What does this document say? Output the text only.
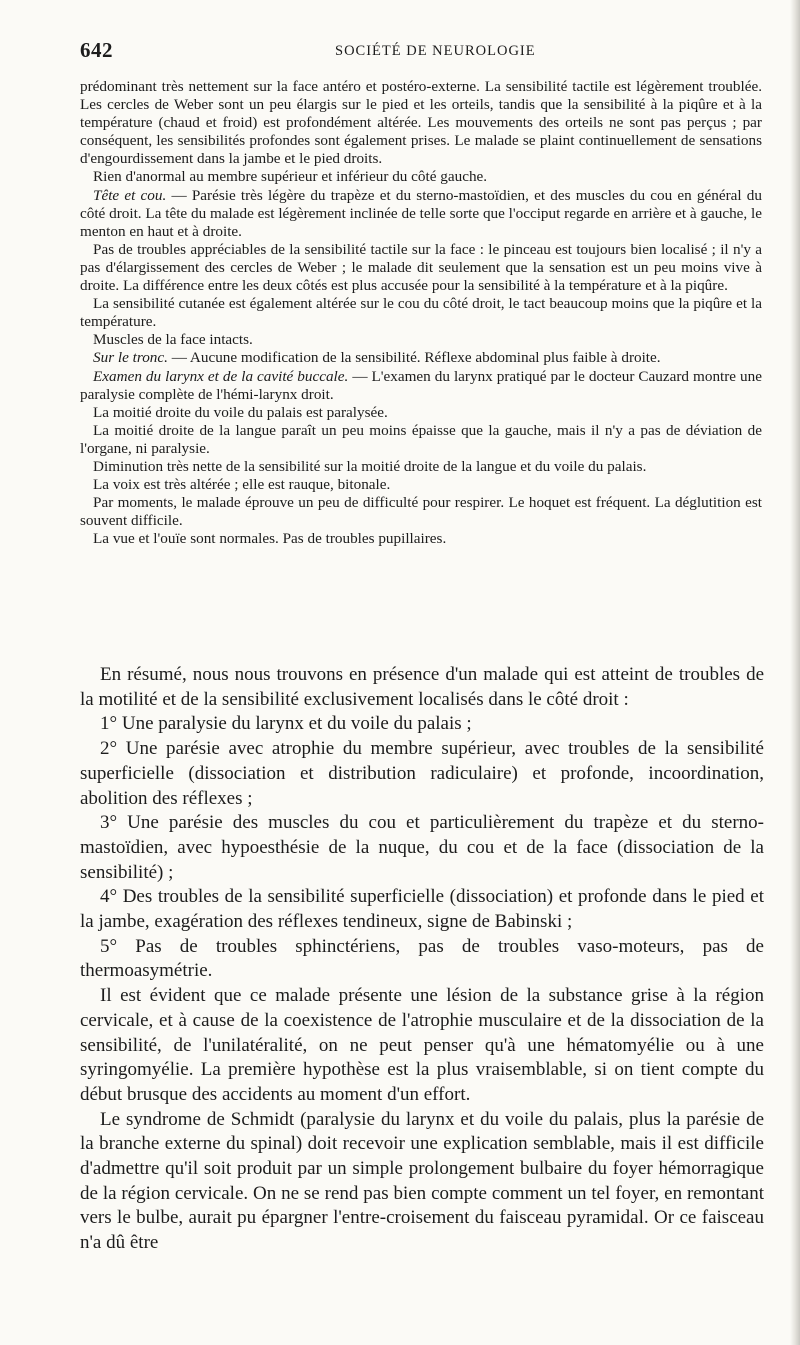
642	SOCIÉTÉ DE NEUROLOGIE

prédominant très nettement sur la face antéro et postéro-externe. La sensibilité tactile est légèrement troublée. Les cercles de Weber sont un peu élargis sur le pied et les orteils, tandis que la sensibilité à la piqûre et à la température (chaud et froid) est profondément altérée. Les mouvements des orteils ne sont pas perçus ; par conséquent, les sensibilités profondes sont également prises. Le malade se plaint continuellement de sensations d'engourdissement dans la jambe et le pied droits.

Rien d'anormal au membre supérieur et inférieur du côté gauche.

Tête et cou. — Parésie très légère du trapèze et du sterno-mastoïdien, et des muscles du cou en général du côté droit. La tête du malade est légèrement inclinée de telle sorte que l'occiput regarde en arrière et à gauche, le menton en haut et à droite.

Pas de troubles appréciables de la sensibilité tactile sur la face : le pinceau est toujours bien localisé ; il n'y a pas d'élargissement des cercles de Weber ; le malade dit seulement que la sensation est un peu moins vive à droite. La différence entre les deux côtés est plus accusée pour la sensibilité à la température et à la piqûre.

La sensibilité cutanée est également altérée sur le cou du côté droit, le tact beaucoup moins que la piqûre et la température.

Muscles de la face intacts.

Sur le tronc. — Aucune modification de la sensibilité. Réflexe abdominal plus faible à droite.

Examen du larynx et de la cavité buccale. — L'examen du larynx pratiqué par le docteur Cauzard montre une paralysie complète de l'hémi-larynx droit.

La moitié droite du voile du palais est paralysée.

La moitié droite de la langue paraît un peu moins épaisse que la gauche, mais il n'y a pas de déviation de l'organe, ni paralysie.

Diminution très nette de la sensibilité sur la moitié droite de la langue et du voile du palais.

La voix est très altérée ; elle est rauque, bitonale.

Par moments, le malade éprouve un peu de difficulté pour respirer. Le hoquet est fréquent. La déglutition est souvent difficile.

La vue et l'ouïe sont normales. Pas de troubles pupillaires.

En résumé, nous nous trouvons en présence d'un malade qui est atteint de troubles de la motilité et de la sensibilité exclusivement localisés dans le côté droit :

1° Une paralysie du larynx et du voile du palais ;

2° Une parésie avec atrophie du membre supérieur, avec troubles de la sensibilité superficielle (dissociation et distribution radiculaire) et profonde, incoordination, abolition des réflexes ;

3° Une parésie des muscles du cou et particulièrement du trapèze et du sterno-mastoïdien, avec hypoesthésie de la nuque, du cou et de la face (dissociation de la sensibilité) ;

4° Des troubles de la sensibilité superficielle (dissociation) et profonde dans le pied et la jambe, exagération des réflexes tendineux, signe de Babinski ;

5° Pas de troubles sphinctériens, pas de troubles vaso-moteurs, pas de thermoasymétrie.

Il est évident que ce malade présente une lésion de la substance grise à la région cervicale, et à cause de la coexistence de l'atrophie musculaire et de la dissociation de la sensibilité, de l'unilatéralité, on ne peut penser qu'à une hématomyélie ou à une syringomyélie. La première hypothèse est la plus vraisemblable, si on tient compte du début brusque des accidents au moment d'un effort.

Le syndrome de Schmidt (paralysie du larynx et du voile du palais, plus la parésie de la branche externe du spinal) doit recevoir une explication semblable, mais il est difficile d'admettre qu'il soit produit par un simple prolongement bulbaire du foyer hémorragique de la région cervicale. On ne se rend pas bien compte comment un tel foyer, en remontant vers le bulbe, aurait pu épargner l'entre-croisement du faisceau pyramidal. Or ce faisceau n'a dû être
